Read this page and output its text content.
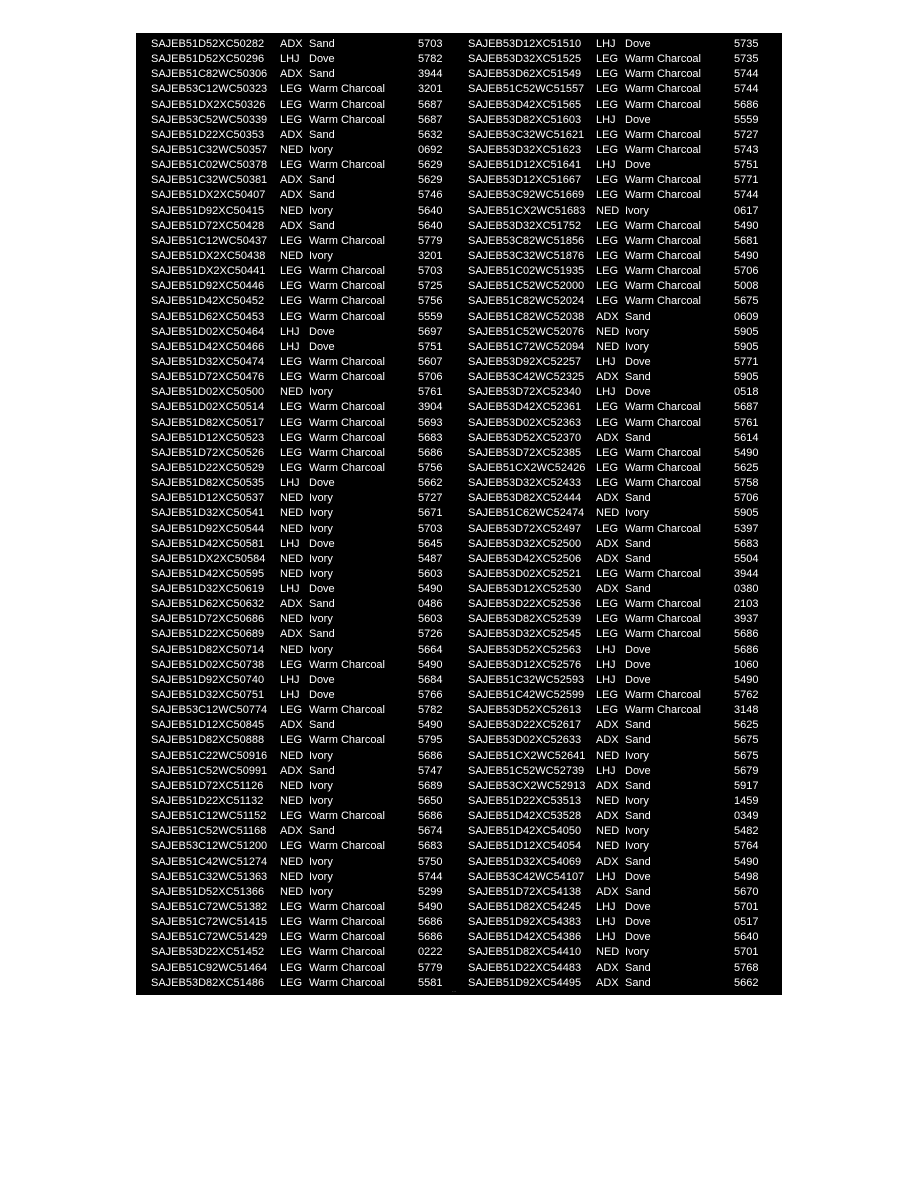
SAJEB51D52XC50282	ADX Sand	5703
SAJEB51D52XC50296	LHJ Dove	5782
SAJEB51C82WC50306	ADX Sand	3944
SAJEB53C12WC50323	LEG Warm Charcoal	3201
SAJEB51DX2XC50326	LEG Warm Charcoal	5687
SAJEB53C52WC50339	LEG Warm Charcoal	5687
SAJEB51D22XC50353	ADX Sand	5632
SAJEB51C32WC50357	NED Ivory	0692
SAJEB51C02WC50378	LEG Warm Charcoal	5629
SAJEB51C32WC50381	ADX Sand	5629
SAJEB51DX2XC50407	ADX Sand	5746
SAJEB51D92XC50415	NED Ivory	5640
SAJEB51D72XC50428	ADX Sand	5640
SAJEB51C12WC50437	LEG Warm Charcoal	5779
SAJEB51DX2XC50438	NED Ivory	3201
SAJEB51DX2XC50441	LEG Warm Charcoal	5703
SAJEB51D92XC50446	LEG Warm Charcoal	5725
SAJEB51D42XC50452	LEG Warm Charcoal	5756
SAJEB51D62XC50453	LEG Warm Charcoal	5559
SAJEB51D02XC50464	LHJ Dove	5697
SAJEB51D42XC50466	LHJ Dove	5751
SAJEB51D32XC50474	LEG Warm Charcoal	5607
SAJEB51D72XC50476	LEG Warm Charcoal	5706
SAJEB51D02XC50500	NED Ivory	5761
SAJEB51D02XC50514	LEG Warm Charcoal	3904
SAJEB51D82XC50517	LEG Warm Charcoal	5693
SAJEB51D12XC50523	LEG Warm Charcoal	5683
SAJEB51D72XC50526	LEG Warm Charcoal	5686
SAJEB51D22XC50529	LEG Warm Charcoal	5756
SAJEB51D82XC50535	LHJ Dove	5662
SAJEB51D12XC50537	NED Ivory	5727
SAJEB51D32XC50541	NED Ivory	5671
SAJEB51D92XC50544	NED Ivory	5703
SAJEB51D42XC50581	LHJ Dove	5645
SAJEB51DX2XC50584	NED Ivory	5487
SAJEB51D42XC50595	NED Ivory	5603
SAJEB51D32XC50619	LHJ Dove	5490
SAJEB51D62XC50632	ADX Sand	0486
SAJEB51D72XC50686	NED Ivory	5603
SAJEB51D22XC50689	ADX Sand	5726
SAJEB51D82XC50714	NED Ivory	5664
SAJEB51D02XC50738	LEG Warm Charcoal	5490
SAJEB51D92XC50740	LHJ Dove	5684
SAJEB51D32XC50751	LHJ Dove	5766
SAJEB53C12WC50774	LEG Warm Charcoal	5782
SAJEB51D12XC50845	ADX Sand	5490
SAJEB51D82XC50888	LEG Warm Charcoal	5795
SAJEB51C22WC50916	NED Ivory	5686
SAJEB51C52WC50991	ADX Sand	5747
SAJEB51D72XC51126	NED Ivory	5689
SAJEB51D22XC51132	NED Ivory	5650
SAJEB51C12WC51152	LEG Warm Charcoal	5686
SAJEB51C52WC51168	ADX Sand	5674
SAJEB53C12WC51200	LEG Warm Charcoal	5683
SAJEB51C42WC51274	NED Ivory	5750
SAJEB51C32WC51363	NED Ivory	5744
SAJEB51D52XC51366	NED Ivory	5299
SAJEB51C72WC51382	LEG Warm Charcoal	5490
SAJEB51C72WC51415	LEG Warm Charcoal	5686
SAJEB51C72WC51429	LEG Warm Charcoal	5686
SAJEB53D22XC51452	LEG Warm Charcoal	0222
SAJEB51C92WC51464	LEG Warm Charcoal	5779
SAJEB53D82XC51486	LEG Warm Charcoal	5581
SAJEB53D12XC51510	LHJ Dove	5735
SAJEB53D32XC51525	LEG Warm Charcoal	5735
SAJEB53D62XC51549	LEG Warm Charcoal	5744
SAJEB51C52WC51557	LEG Warm Charcoal	5744
SAJEB53D42XC51565	LEG Warm Charcoal	5686
SAJEB53D82XC51603	LHJ Dove	5559
SAJEB53C32WC51621	LEG Warm Charcoal	5727
SAJEB53D32XC51623	LEG Warm Charcoal	5743
SAJEB51D12XC51641	LHJ Dove	5751
SAJEB53D12XC51667	LEG Warm Charcoal	5771
SAJEB53C92WC51669	LEG Warm Charcoal	5744
SAJEB51CX2WC51683 NED Ivory	0617
SAJEB53D32XC51752	LEG Warm Charcoal	5490
SAJEB53C82WC51856	LEG Warm Charcoal	5681
SAJEB53C32WC51876	LEG Warm Charcoal	5490
SAJEB51C02WC51935	LEG Warm Charcoal	5706
SAJEB51C52WC52000	LEG Warm Charcoal	5008
SAJEB51C82WC52024	LEG Warm Charcoal	5675
SAJEB51C82WC52038	ADX Sand	0609
SAJEB51C52WC52076	NED Ivory	5905
SAJEB51C72WC52094	NED Ivory	5905
SAJEB53D92XC52257	LHJ Dove	5771
SAJEB53C42WC52325	ADX Sand	5905
SAJEB53D72XC52340	LHJ Dove	0518
SAJEB53D42XC52361	LEG Warm Charcoal	5687
SAJEB53D02XC52363	LEG Warm Charcoal	5761
SAJEB53D52XC52370	ADX Sand	5614
SAJEB53D72XC52385	LEG Warm Charcoal	5490
SAJEB51CX2WC52426 LEG Warm Charcoal	5625
SAJEB53D32XC52433	LEG Warm Charcoal	5758
SAJEB53D82XC52444	ADX Sand	5706
SAJEB51C62WC52474	NED Ivory	5905
SAJEB53D72XC52497	LEG Warm Charcoal	5397
SAJEB53D32XC52500	ADX Sand	5683
SAJEB53D42XC52506	ADX Sand	5504
SAJEB53D02XC52521	LEG Warm Charcoal	3944
SAJEB53D12XC52530	ADX Sand	0380
SAJEB53D22XC52536	LEG Warm Charcoal	2103
SAJEB53D82XC52539	LEG Warm Charcoal	3937
SAJEB53D32XC52545	LEG Warm Charcoal	5686
SAJEB53D52XC52563	LHJ Dove	5686
SAJEB53D12XC52576	LHJ Dove	1060
SAJEB51C32WC52593	LHJ Dove	5490
SAJEB51C42WC52599	LEG Warm Charcoal	5762
SAJEB53D52XC52613	LEG Warm Charcoal	3148
SAJEB53D22XC52617	ADX Sand	5625
SAJEB53D02XC52633	ADX Sand	5675
SAJEB51CX2WC52641 NED Ivory	5675
SAJEB51C52WC52739	LHJ Dove	5679
SAJEB53CX2WC52913 ADX Sand	5917
SAJEB51D22XC53513	NED Ivory	1459
SAJEB51D42XC53528	ADX Sand	0349
SAJEB51D42XC54050	NED Ivory	5482
SAJEB51D12XC54054	NED Ivory	5764
SAJEB51D32XC54069	ADX Sand	5490
SAJEB53C42WC54107	LHJ Dove	5498
SAJEB51D72XC54138	ADX Sand	5670
SAJEB51D82XC54245	LHJ Dove	5701
SAJEB51D92XC54383	LHJ Dove	0517
SAJEB51D42XC54386	LHJ Dove	5640
SAJEB51D82XC54410	NED Ivory	5701
SAJEB51D22XC54483	ADX Sand	5768
SAJEB51D92XC54495	ADX Sand	5662
...
